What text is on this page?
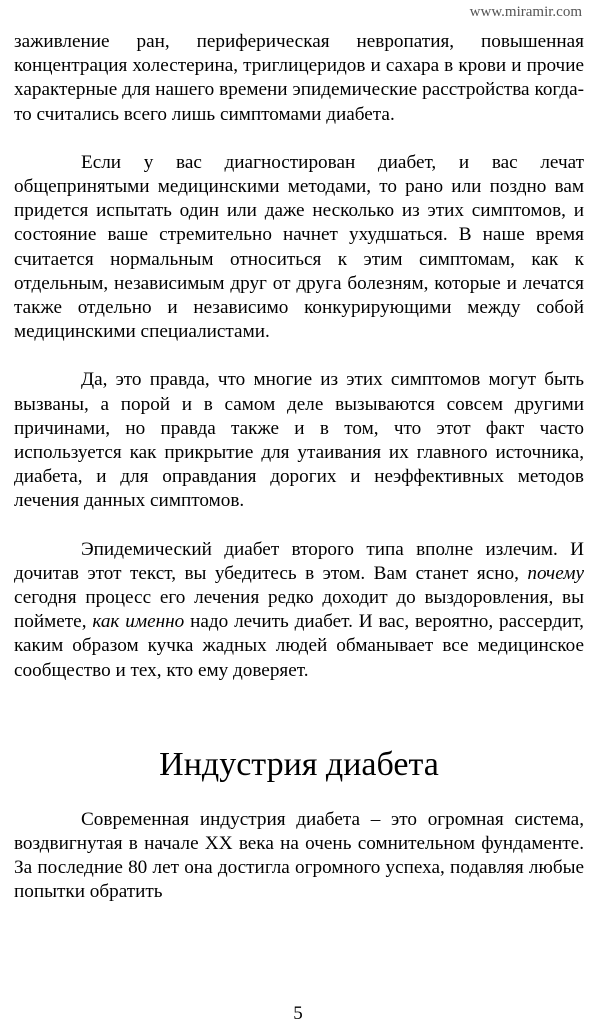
www.miramir.com

заживление ран, периферическая невропатия, повышенная концентрация холестерина, триглицеридов и сахара в крови и прочие характерные для нашего времени эпидемические расстройства когда-то считались всего лишь симптомами диабета.

Если у вас диагностирован диабет, и вас лечат общепринятыми медицинскими методами, то рано или поздно вам придется испытать один или даже несколько из этих симптомов, и состояние ваше стремительно начнет ухудшаться. В наше время считается нормальным относиться к этим симптомам, как к отдельным, независимым друг от друга болезням, которые и лечатся также отдельно и независимо конкурирующими между собой медицинскими специалистами.

Да, это правда, что многие из этих симптомов могут быть вызваны, а порой и в самом деле вызываются совсем другими причинами, но правда также и в том, что этот факт часто используется как прикрытие для утаивания их главного источника, диабета, и для оправдания дорогих и неэффективных методов лечения данных симптомов.

Эпидемический диабет второго типа вполне излечим. И дочитав этот текст, вы убедитесь в этом. Вам станет ясно, почему сегодня процесс его лечения редко доходит до выздоровления, вы поймете, как именно надо лечить диабет. И вас, вероятно, рассердит, каким образом кучка жадных людей обманывает все медицинское сообщество и тех, кто ему доверяет.

Индустрия диабета

Современная индустрия диабета – это огромная система, воздвигнутая в начале XX века на очень сомнительном фундаменте. За последние 80 лет она достигла огромного успеха, подавляя любые попытки обратить

5
